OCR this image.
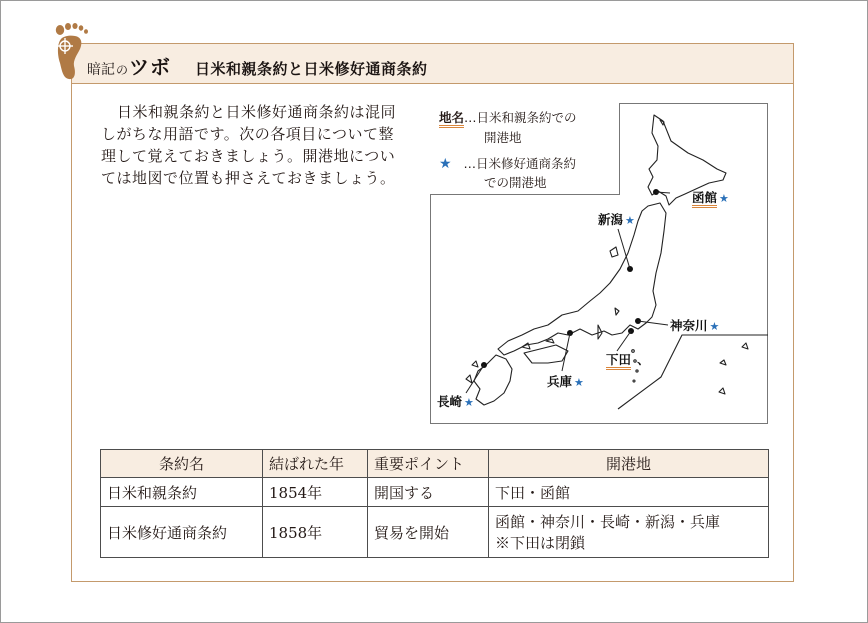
暗記 の ツボ 日米和親条約と日米修好通商条約

日米和親条約と日米修好通商条約は混同しがちな用語です。次の各項目について整理して覚えておきましょう。開港地については地図で位置も押さえておきましょう。

地名…日米和親条約での
開港地
★ …日米修好通商条約
での開港地
函館 ★
新潟 ★
神奈川 ★
下田 、
兵庫 ★
長崎 ★
条約名	結ばれた年	重要ポイント	開港地
日米和親条約	1854年	開国する	下田・函館
日米修好通商条約	1858年	貿易を開始	函館・神奈川・長崎・新潟・兵庫
※下田は閉鎖
